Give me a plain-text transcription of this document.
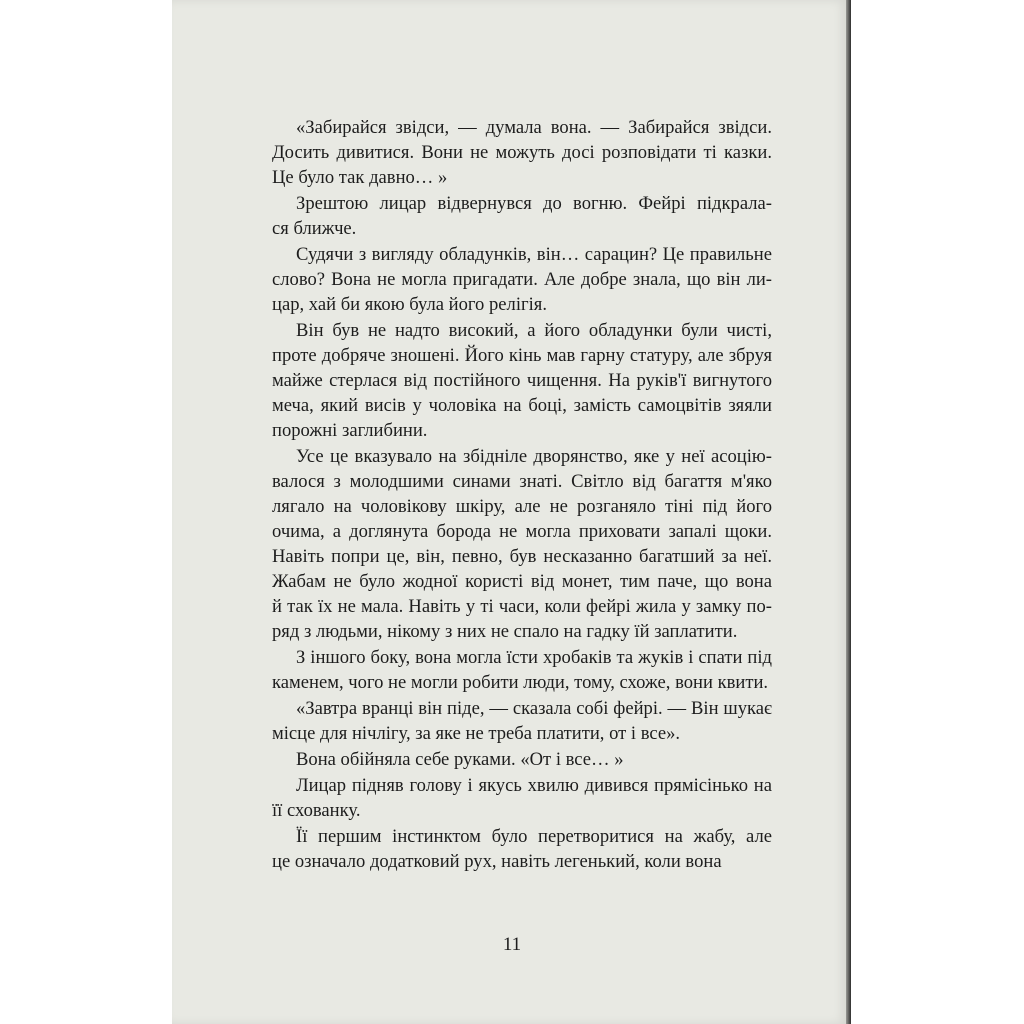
«Забирайся звідси, — думала вона. — Забирайся звідси.
Досить дивитися. Вони не можуть досі розповідати ті казки.
Це було так давно… »
Зрештою лицар відвернувся до вогню. Фейрі підкрала-
ся ближче.
Судячи з вигляду обладунків, він… сарацин? Це правильне
слово? Вона не могла пригадати. Але добре знала, що він ли-
цар, хай би якою була його релігія.
Він був не надто високий, а його обладунки були чисті,
проте добряче зношені. Його кінь мав гарну статуру, але збруя
майже стерлася від постійного чищення. На руків'ї вигнутого
меча, який висів у чоловіка на боці, замість самоцвітів зяяли
порожні заглибини.
Усе це вказувало на збідніле дворянство, яке у неї асоцію-
валося з молодшими синами знаті. Світло від багаття м'яко
лягало на чоловікову шкіру, але не розганяло тіні під його
очима, а доглянута борода не могла приховати запалі щоки.
Навіть попри це, він, певно, був несказанно багатший за неї.
Жабам не було жодної користі від монет, тим паче, що вона
й так їх не мала. Навіть у ті часи, коли фейрі жила у замку по-
ряд з людьми, нікому з них не спало на гадку їй заплатити.
З іншого боку, вона могла їсти хробаків та жуків і спати під
каменем, чого не могли робити люди, тому, схоже, вони квити.
«Завтра вранці він піде, — сказала собі фейрі. — Він шукає
місце для нічлігу, за яке не треба платити, от і все».
Вона обійняла себе руками. «От і все… »
Лицар підняв голову і якусь хвилю дивився прямісінько на
її схованку.
Її першим інстинктом було перетворитися на жабу, але
це означало додатковий рух, навіть легенький, коли вона
11
